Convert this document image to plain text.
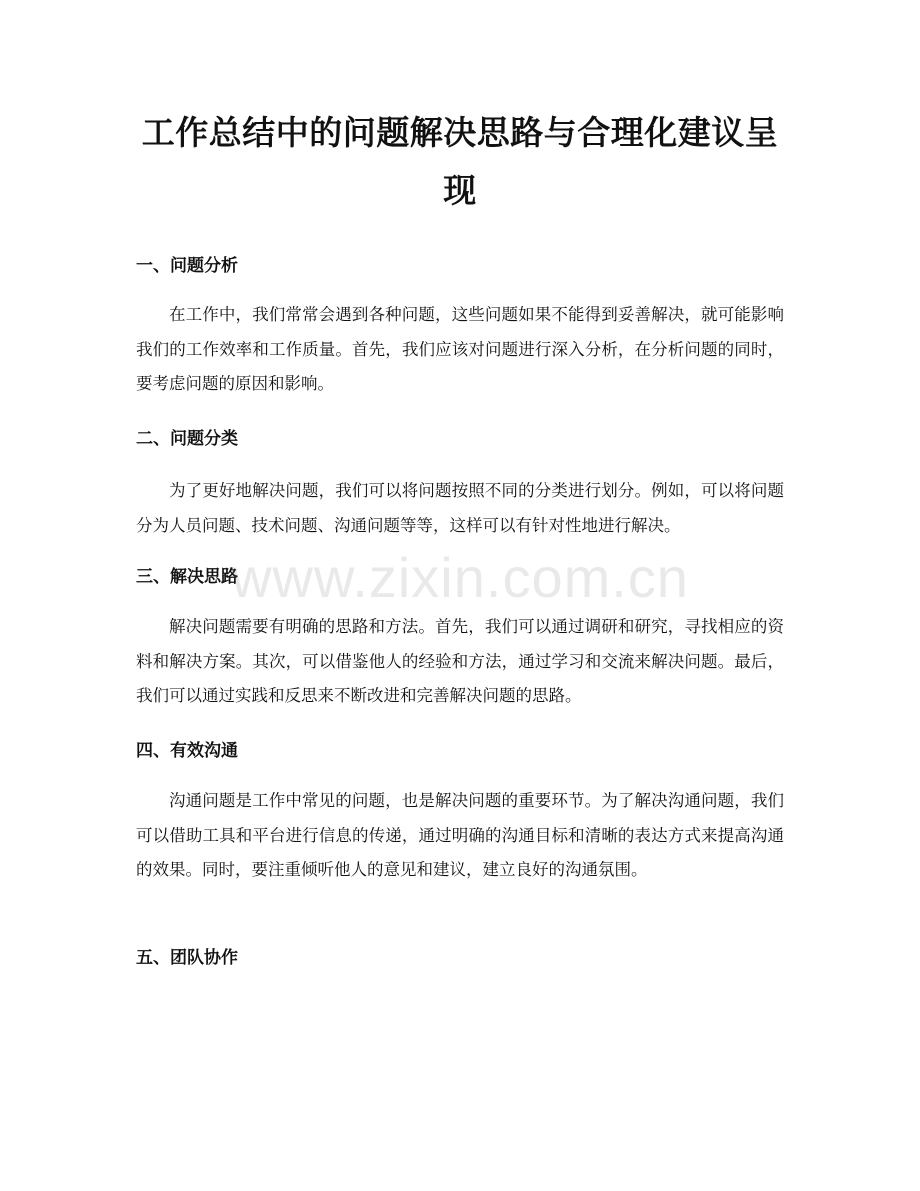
工作总结中的问题解决思路与合理化建议呈现
一、问题分析

在工作中，我们常常会遇到各种问题，这些问题如果不能得到妥善解决，就可能影响我们的工作效率和工作质量。首先，我们应该对问题进行深入分析，在分析问题的同时，要考虑问题的原因和影响。

二、问题分类

为了更好地解决问题，我们可以将问题按照不同的分类进行划分。例如，可以将问题分为人员问题、技术问题、沟通问题等等，这样可以有针对性地进行解决。

三、解决思路

解决问题需要有明确的思路和方法。首先，我们可以通过调研和研究，寻找相应的资料和解决方案。其次，可以借鉴他人的经验和方法，通过学习和交流来解决问题。最后，我们可以通过实践和反思来不断改进和完善解决问题的思路。

四、有效沟通

沟通问题是工作中常见的问题，也是解决问题的重要环节。为了解决沟通问题，我们可以借助工具和平台进行信息的传递，通过明确的沟通目标和清晰的表达方式来提高沟通的效果。同时，要注重倾听他人的意见和建议，建立良好的沟通氛围。

五、团队协作
www.zixin.com.cn
